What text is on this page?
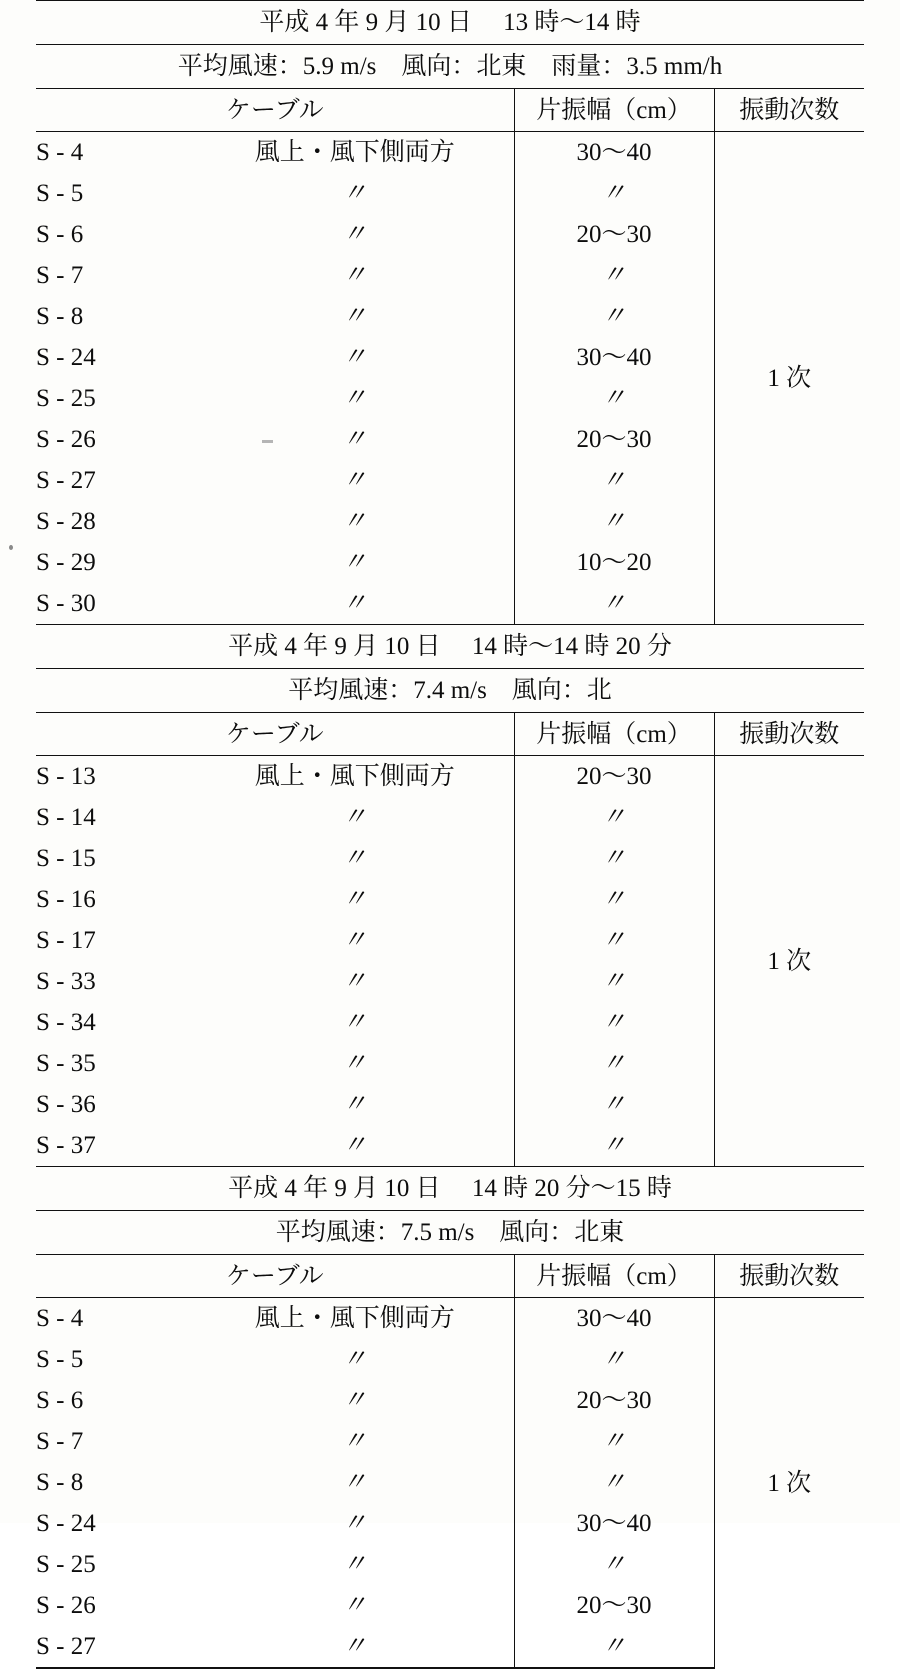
平成 4 年 9 月 10 日　 13 時〜14 時			
平均風速：5.9 m/s　風向：北東　雨量：3.5 mm/h			
ケーブル		片振幅（cm）	振動次数
S - 4	風上・風下側両方	30〜40	1 次
S - 5	〃	〃	
S - 6	〃	20〜30	
S - 7	〃	〃	
S - 8	〃	〃	
S - 24	〃	30〜40	
S - 25	〃	〃	
S - 26	〃	20〜30	
S - 27	〃	〃	
S - 28	〃	〃	
S - 29	〃	10〜20	
S - 30	〃	〃	
平成 4 年 9 月 10 日　 14 時〜14 時 20 分			
平均風速：7.4 m/s　風向：北			
ケーブル		片振幅（cm）	振動次数
S - 13	風上・風下側両方	20〜30	1 次
S - 14	〃	〃	
S - 15	〃	〃	
S - 16	〃	〃	
S - 17	〃	〃	
S - 33	〃	〃	
S - 34	〃	〃	
S - 35	〃	〃	
S - 36	〃	〃	
S - 37	〃	〃	
平成 4 年 9 月 10 日　 14 時 20 分〜15 時			
平均風速：7.5 m/s　風向：北東			
ケーブル		片振幅（cm）	振動次数
S - 4	風上・風下側両方	30〜40	1 次
S - 5	〃	〃	
S - 6	〃	20〜30	
S - 7	〃	〃	
S - 8	〃	〃	
S - 24	〃	30〜40	
S - 25	〃	〃	
S - 26	〃	20〜30	
S - 27	〃	〃	
